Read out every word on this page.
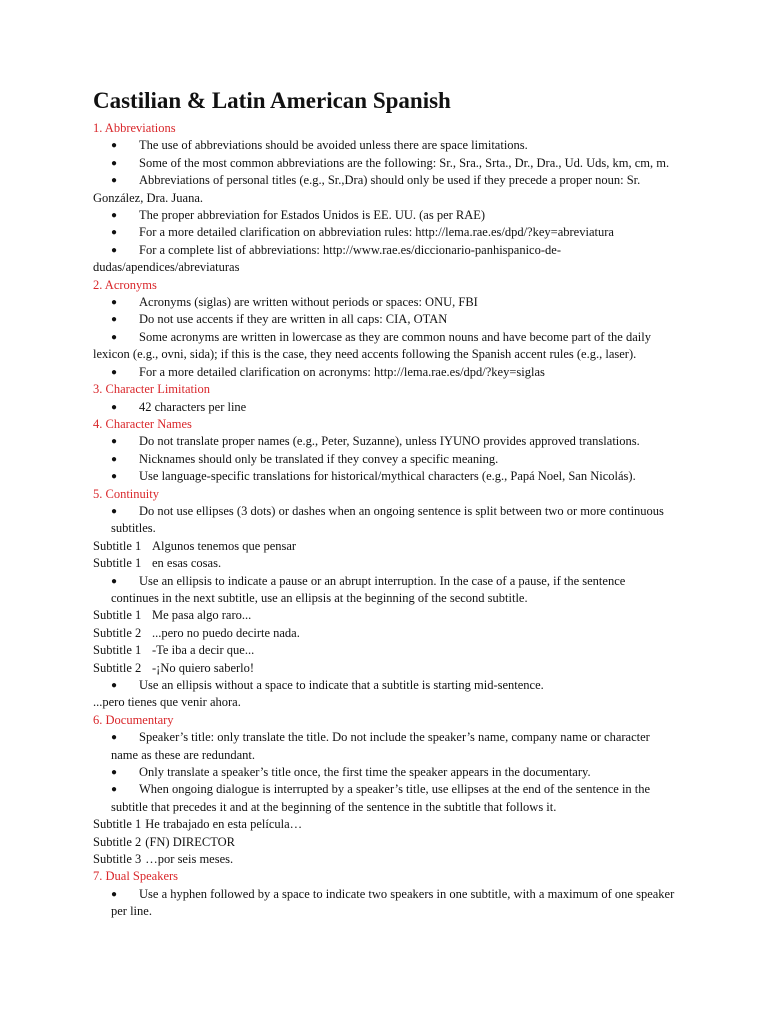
Castilian & Latin American Spanish
1. Abbreviations
● The use of abbreviations should be avoided unless there are space limitations.
● Some of the most common abbreviations are the following: Sr., Sra., Srta., Dr., Dra., Ud. Uds, km, cm, m.
● Abbreviations of personal titles (e.g., Sr.,Dra) should only be used if they precede a proper noun: Sr. González, Dra. Juana.
● The proper abbreviation for Estados Unidos is EE. UU. (as per RAE)
● For a more detailed clarification on abbreviation rules: http://lema.rae.es/dpd/?key=abreviatura
● For a complete list of abbreviations: http://www.rae.es/diccionario-panhispanico-de-dudas/apendices/abreviaturas
2. Acronyms
● Acronyms (siglas) are written without periods or spaces: ONU, FBI
● Do not use accents if they are written in all caps: CIA, OTAN
● Some acronyms are written in lowercase as they are common nouns and have become part of the daily lexicon (e.g., ovni, sida); if this is the case, they need accents following the Spanish accent rules (e.g., laser).
● For a more detailed clarification on acronyms: http://lema.rae.es/dpd/?key=siglas
3. Character Limitation
● 42 characters per line
4. Character Names
● Do not translate proper names (e.g., Peter, Suzanne), unless IYUNO provides approved translations.
● Nicknames should only be translated if they convey a specific meaning.
● Use language-specific translations for historical/mythical characters (e.g., Papá Noel, San Nicolás).
5. Continuity
● Do not use ellipses (3 dots) or dashes when an ongoing sentence is split between two or more continuous subtitles.
Subtitle 1 Algunos tenemos que pensar
Subtitle 1 en esas cosas.
● Use an ellipsis to indicate a pause or an abrupt interruption. In the case of a pause, if the sentence continues in the next subtitle, use an ellipsis at the beginning of the second subtitle.
Subtitle 1 Me pasa algo raro...
Subtitle 2 ...pero no puedo decirte nada.
Subtitle 1 -Te iba a decir que...
Subtitle 2 -¡No quiero saberlo!
● Use an ellipsis without a space to indicate that a subtitle is starting mid-sentence.
...pero tienes que venir ahora.
6. Documentary
● Speaker’s title: only translate the title. Do not include the speaker’s name, company name or character name as these are redundant.
● Only translate a speaker’s title once, the first time the speaker appears in the documentary.
● When ongoing dialogue is interrupted by a speaker’s title, use ellipses at the end of the sentence in the subtitle that precedes it and at the beginning of the sentence in the subtitle that follows it.
Subtitle 1 He trabajado en esta película…
Subtitle 2 (FN) DIRECTOR
Subtitle 3 …por seis meses.
7. Dual Speakers
● Use a hyphen followed by a space to indicate two speakers in one subtitle, with a maximum of one speaker per line.
